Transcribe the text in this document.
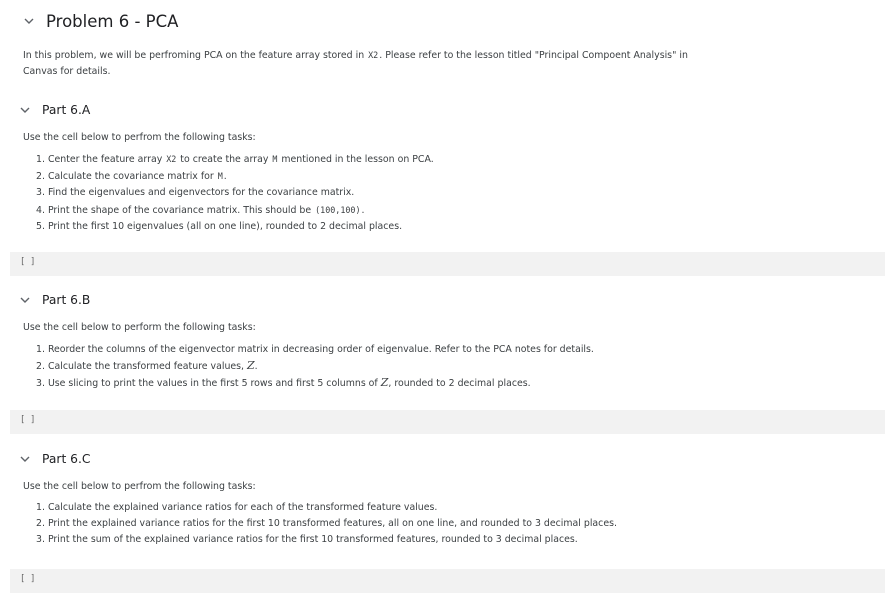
Problem 6 - PCA

In this problem, we will be perfroming PCA on the feature array stored in X2. Please refer to the lesson titled "Principal Compoent Analysis" in
Canvas for details.

Part 6.A

Use the cell below to perfrom the following tasks:

1. Center the feature array X2 to create the array M mentioned in the lesson on PCA.
2. Calculate the covariance matrix for M.
3. Find the eigenvalues and eigenvectors for the covariance matrix.
4. Print the shape of the covariance matrix. This should be (100,100).
5. Print the first 10 eigenvalues (all on one line), rounded to 2 decimal places.
[ ]
Part 6.B

Use the cell below to perform the following tasks:

1. Reorder the columns of the eigenvector matrix in decreasing order of eigenvalue. Refer to the PCA notes for details.
2. Calculate the transformed feature values, Z.
3. Use slicing to print the values in the first 5 rows and first 5 columns of Z, rounded to 2 decimal places.
[ ]
Part 6.C

Use the cell below to perfrom the following tasks:

1. Calculate the explained variance ratios for each of the transformed feature values.
2. Print the explained variance ratios for the first 10 transformed features, all on one line, and rounded to 3 decimal places.
3. Print the sum of the explained variance ratios for the first 10 transformed features, rounded to 3 decimal places.
[ ]
